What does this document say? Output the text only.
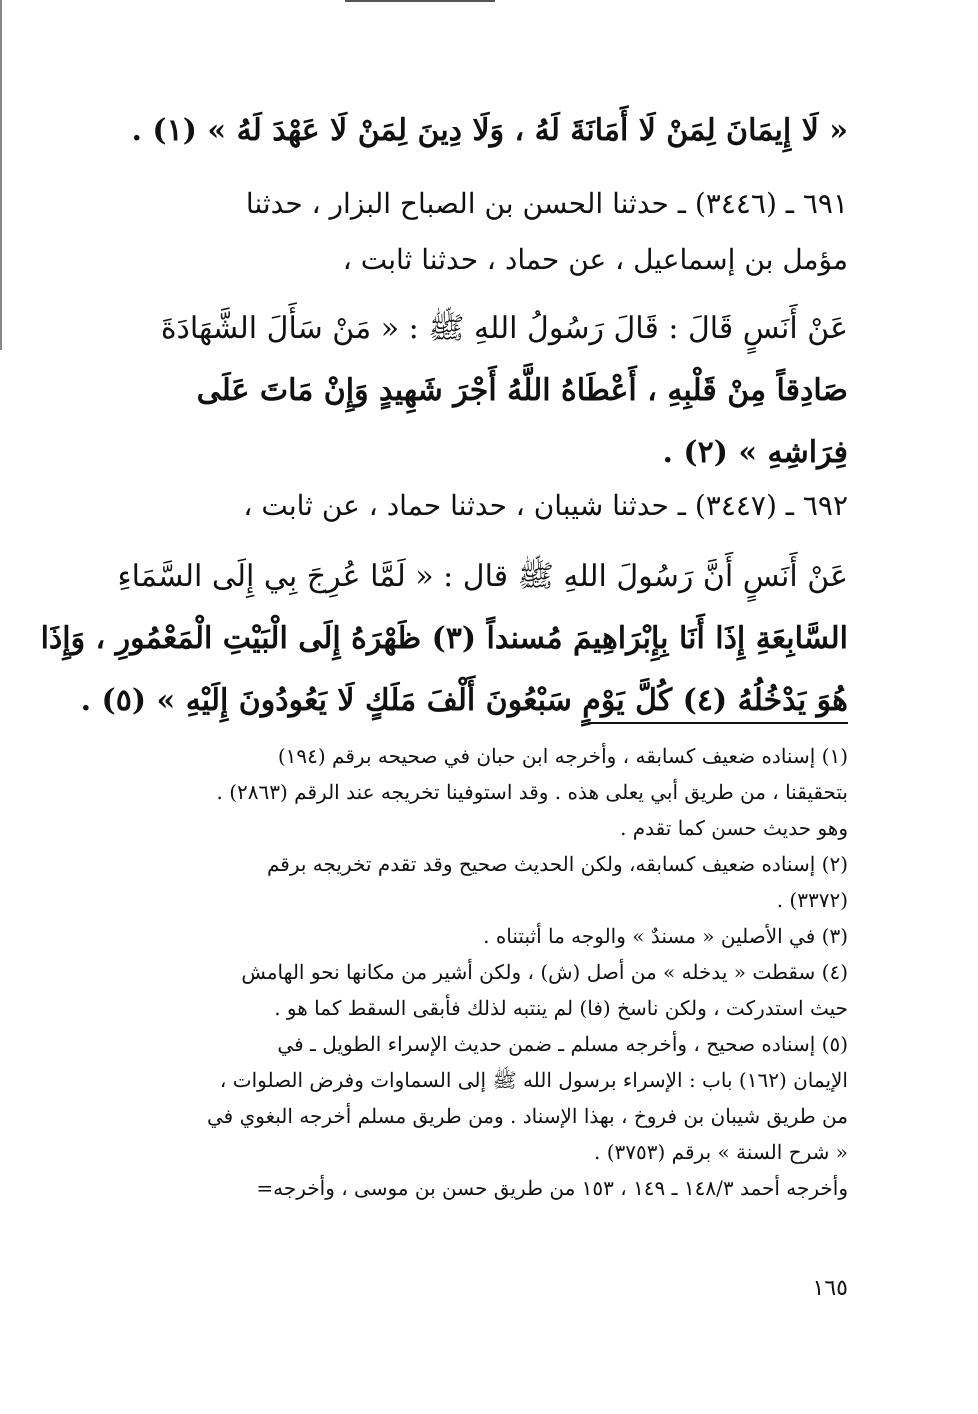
« لَا إِيمَانَ لِمَنْ لَا أَمَانَةَ لَهُ ، وَلَا دِينَ لِمَنْ لَا عَهْدَ لَهُ » (١) .
٦٩١ ـ (٣٤٤٦) ـ حدثنا الحسن بن الصباح البزار ، حدثنا
مؤمل بن إسماعيل ، عن حماد ، حدثنا ثابت ،
عَنْ أَنَسٍ قَالَ : قَالَ رَسُولُ اللهِ ﷺ : « مَنْ سَأَلَ الشَّهَادَةَ
صَادِقاً مِنْ قَلْبِهِ ، أَعْطَاهُ اللَّهُ أَجْرَ شَهِيدٍ وَإِنْ مَاتَ عَلَى
فِرَاشِهِ » (٢) .
٦٩٢ ـ (٣٤٤٧) ـ حدثنا شيبان ، حدثنا حماد ، عن ثابت ،
عَنْ أَنَسٍ أَنَّ رَسُولَ اللهِ ﷺ قال : « لَمَّا عُرِجَ بِي إِلَى السَّمَاءِ
السَّابِعَةِ إِذَا أَنَا بِإِبْرَاهِيمَ مُسنداً (٣) ظَهْرَهُ إِلَى الْبَيْتِ الْمَعْمُورِ ، وَإِذَا
هُوَ يَدْخُلُهُ (٤) كُلَّ يَوْمٍ سَبْعُونَ أَلْفَ مَلَكٍ لَا يَعُودُونَ إِلَيْهِ » (٥) .
(١) إسناده ضعيف كسابقه ، وأخرجه ابن حبان في صحيحه برقم (١٩٤)
بتحقيقنا ، من طريق أبي يعلى هذه . وقد استوفينا تخريجه عند الرقم (٢٨٦٣) .
وهو حديث حسن كما تقدم .
(٢) إسناده ضعيف كسابقه، ولكن الحديث صحيح وقد تقدم تخريجه برقم
(٣٣٧٢) .
(٣) في الأصلين « مسندٌ » والوجه ما أثبتناه .
(٤) سقطت « يدخله » من أصل (ش) ، ولكن أشير من مكانها نحو الهامش
حيث استدركت ، ولكن ناسخ (فا) لم ينتبه لذلك فأبقى السقط كما هو .
(٥) إسناده صحيح ، وأخرجه مسلم ـ ضمن حديث الإسراء الطويل ـ في
الإيمان (١٦٢) باب : الإسراء برسول الله ﷺ إلى السماوات وفرض الصلوات ،
من طريق شيبان بن فروخ ، بهذا الإسناد . ومن طريق مسلم أخرجه البغوي في
« شرح السنة » برقم (٣٧٥٣) .
وأخرجه أحمد ١٤٨/٣ ـ ١٤٩ ، ١٥٣ من طريق حسن بن موسى ، وأخرجه=
١٦٥
